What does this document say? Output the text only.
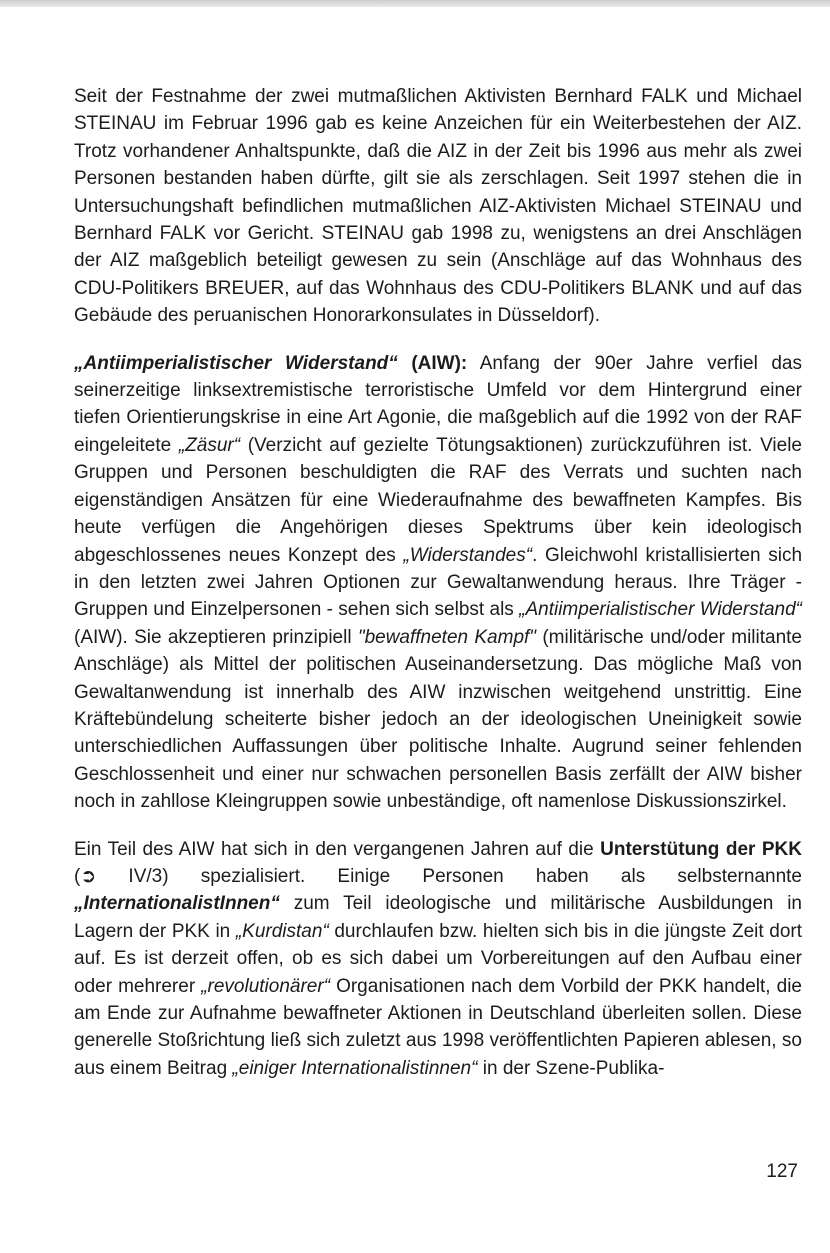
Seit der Festnahme der zwei mutmaßlichen Aktivisten Bernhard FALK und Michael STEINAU im Februar 1996 gab es keine Anzeichen für ein Weiterbestehen der AIZ. Trotz vorhandener Anhaltspunkte, daß die AIZ in der Zeit bis 1996 aus mehr als zwei Personen bestanden haben dürfte, gilt sie als zerschlagen. Seit 1997 stehen die in Untersuchungshaft befindlichen mutmaßlichen AIZ-Aktivisten Michael STEINAU und Bernhard FALK vor Gericht. STEINAU gab 1998 zu, wenigstens an drei Anschlägen der AIZ maßgeblich beteiligt gewesen zu sein (Anschläge auf das Wohnhaus des CDU-Politikers BREUER, auf das Wohnhaus des CDU-Politikers BLANK und auf das Gebäude des peruanischen Honorarkonsulates in Düsseldorf).

„Antiimperialistischer Widerstand“ (AIW): Anfang der 90er Jahre verfiel das seinerzeitige linksextremistische terroristische Umfeld vor dem Hintergrund einer tiefen Orientierungskrise in eine Art Agonie, die maßgeblich auf die 1992 von der RAF eingeleitete „Zäsur“ (Verzicht auf gezielte Tötungsaktionen) zurückzuführen ist. Viele Gruppen und Personen beschuldigten die RAF des Verrats und suchten nach eigenständigen Ansätzen für eine Wiederaufnahme des bewaffneten Kampfes. Bis heute verfügen die Angehörigen dieses Spektrums über kein ideologisch abgeschlossenes neues Konzept des „Widerstandes“. Gleichwohl kristallisierten sich in den letzten zwei Jahren Optionen zur Gewaltanwendung heraus. Ihre Träger - Gruppen und Einzelpersonen - sehen sich selbst als „Antiimperialistischer Widerstand“ (AIW). Sie akzeptieren prinzipiell "bewaffneten Kampf" (militärische und/oder militante Anschläge) als Mittel der politischen Auseinandersetzung. Das mögliche Maß von Gewaltanwendung ist innerhalb des AIW inzwischen weitgehend unstrittig. Eine Kräftebündelung scheiterte bisher jedoch an der ideologischen Uneinigkeit sowie unterschiedlichen Auffassungen über politische Inhalte. Augrund seiner fehlenden Geschlossenheit und einer nur schwachen personellen Basis zerfällt der AIW bisher noch in zahllose Kleingruppen sowie unbeständige, oft namenlose Diskussionszirkel.

Ein Teil des AIW hat sich in den vergangenen Jahren auf die Unterstütung der PKK (➲ IV/3) spezialisiert. Einige Personen haben als selbsternannte „InternationalistInnen“ zum Teil ideologische und militärische Ausbildungen in Lagern der PKK in „Kurdistan“ durchlaufen bzw. hielten sich bis in die jüngste Zeit dort auf. Es ist derzeit offen, ob es sich dabei um Vorbereitungen auf den Aufbau einer oder mehrerer „revolutionärer“ Organisationen nach dem Vorbild der PKK handelt, die am Ende zur Aufnahme bewaffneter Aktionen in Deutschland überleiten sollen. Diese generelle Stoßrichtung ließ sich zuletzt aus 1998 veröffentlichten Papieren ablesen, so aus einem Beitrag „einiger Internationalistinnen“ in der Szene-Publika-

127
